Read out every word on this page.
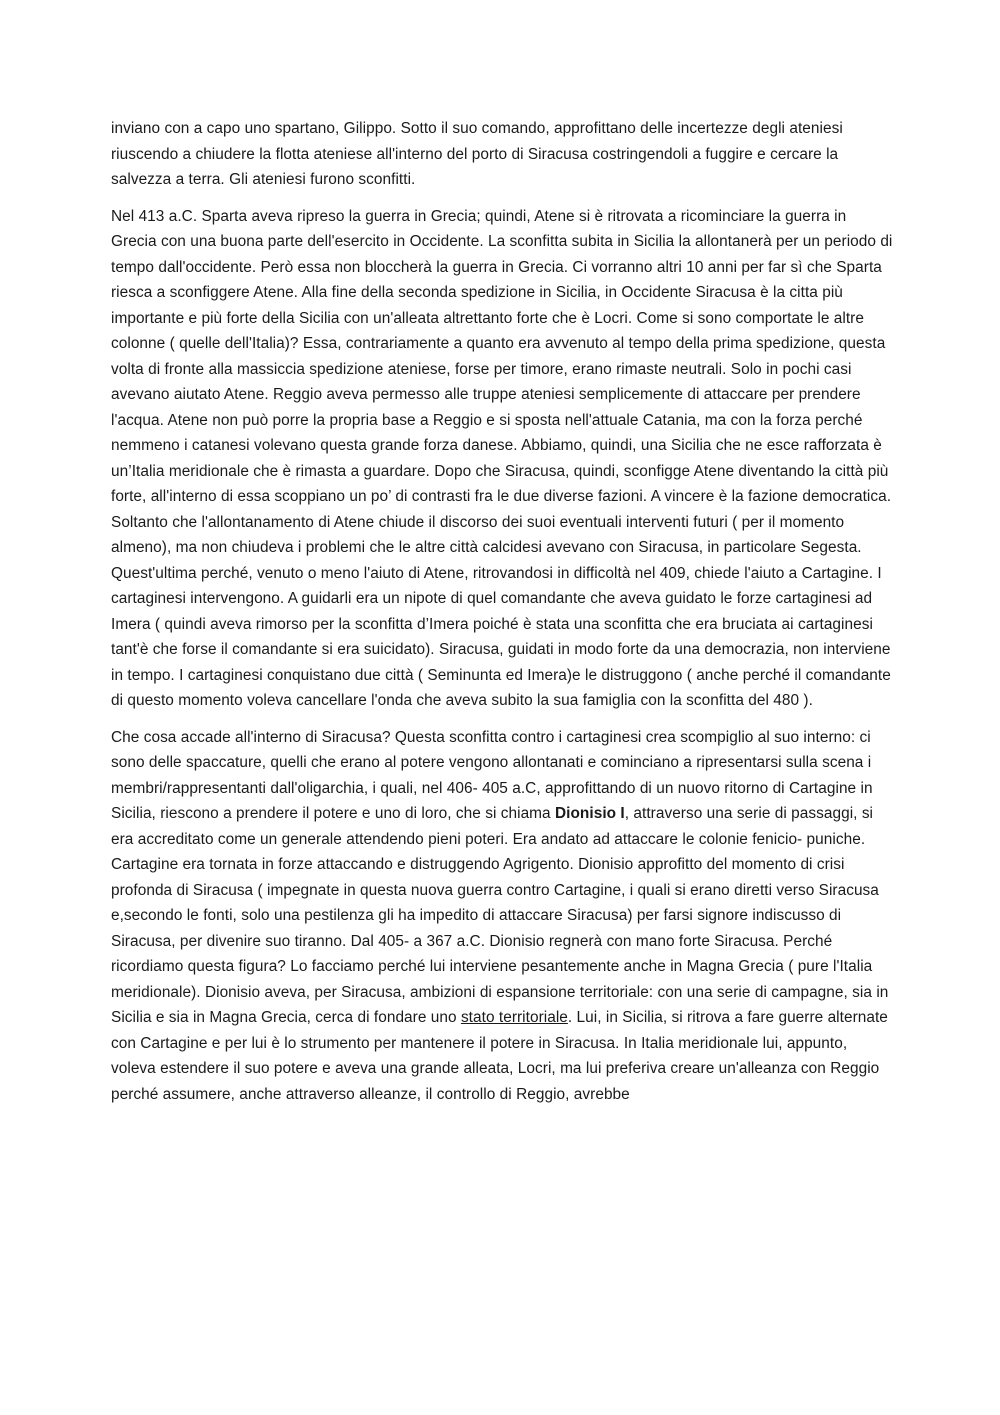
inviano con a capo uno spartano, Gilippo. Sotto il suo comando, approfittano delle incertezze degli ateniesi riuscendo a chiudere la flotta ateniese all'interno del porto di Siracusa costringendoli a fuggire e cercare la salvezza a terra. Gli ateniesi furono sconfitti.

Nel 413 a.C. Sparta aveva ripreso la guerra in Grecia; quindi, Atene si è ritrovata a ricominciare la guerra in Grecia con una buona parte dell'esercito in Occidente. La sconfitta subita in Sicilia la allontanerà per un periodo di tempo dall'occidente. Però essa non bloccherà la guerra in Grecia. Ci vorranno altri 10 anni per far sì che Sparta riesca a sconfiggere Atene. Alla fine della seconda spedizione in Sicilia, in Occidente Siracusa è la citta più importante e più forte della Sicilia con un'alleata altrettanto forte che è Locri. Come si sono comportate le altre colonne ( quelle dell'Italia)? Essa, contrariamente a quanto era avvenuto al tempo della prima spedizione, questa volta di fronte alla massiccia spedizione ateniese, forse per timore, erano rimaste neutrali. Solo in pochi casi avevano aiutato Atene. Reggio aveva permesso alle truppe ateniesi semplicemente di attaccare per prendere l'acqua. Atene non può porre la propria base a Reggio e si sposta nell'attuale Catania, ma con la forza perché nemmeno i catanesi volevano questa grande forza danese. Abbiamo, quindi, una Sicilia che ne esce rafforzata è un’Italia meridionale che è rimasta a guardare. Dopo che Siracusa, quindi, sconfigge Atene diventando la città più forte, all'interno di essa scoppiano un po’ di contrasti fra le due diverse fazioni. A vincere è la fazione democratica. Soltanto che l'allontanamento di Atene chiude il discorso dei suoi eventuali interventi futuri ( per il momento almeno), ma non chiudeva i problemi che le altre città calcidesi avevano con Siracusa, in particolare Segesta. Quest'ultima perché, venuto o meno l'aiuto di Atene, ritrovandosi in difficoltà nel 409, chiede l'aiuto a Cartagine. I cartaginesi intervengono. A guidarli era un nipote di quel comandante che aveva guidato le forze cartaginesi ad Imera ( quindi aveva rimorso per la sconfitta d’Imera poiché è stata una sconfitta che era bruciata ai cartaginesi tant'è che forse il comandante si era suicidato). Siracusa, guidati in modo forte da una democrazia, non interviene in tempo. I cartaginesi conquistano due città ( Seminunta ed Imera)e le distruggono ( anche perché il comandante di questo momento voleva cancellare l'onda che aveva subito la sua famiglia con la sconfitta del 480 ).

Che cosa accade all'interno di Siracusa? Questa sconfitta contro i cartaginesi crea scompiglio al suo interno: ci sono delle spaccature, quelli che erano al potere vengono allontanati e cominciano a ripresentarsi sulla scena i membri/rappresentanti dall'oligarchia, i quali, nel 406- 405 a.C, approfittando di un nuovo ritorno di Cartagine in Sicilia, riescono a prendere il potere e uno di loro, che si chiama Dionisio I, attraverso una serie di passaggi, si era accreditato come un generale attendendo pieni poteri. Era andato ad attaccare le colonie fenicio- puniche. Cartagine era tornata in forze attaccando e distruggendo Agrigento. Dionisio approfitto del momento di crisi profonda di Siracusa ( impegnate in questa nuova guerra contro Cartagine, i quali si erano diretti verso Siracusa e,secondo le fonti, solo una pestilenza gli ha impedito di attaccare Siracusa) per farsi signore indiscusso di Siracusa, per divenire suo tiranno. Dal 405- a 367 a.C. Dionisio regnerà con mano forte Siracusa. Perché ricordiamo questa figura? Lo facciamo perché lui interviene pesantemente anche in Magna Grecia ( pure l'Italia meridionale). Dionisio aveva, per Siracusa, ambizioni di espansione territoriale: con una serie di campagne, sia in Sicilia e sia in Magna Grecia, cerca di fondare uno stato territoriale. Lui, in Sicilia, si ritrova a fare guerre alternate con Cartagine e per lui è lo strumento per mantenere il potere in Siracusa. In Italia meridionale lui, appunto, voleva estendere il suo potere e aveva una grande alleata, Locri, ma lui preferiva creare un'alleanza con Reggio perché assumere, anche attraverso alleanze, il controllo di Reggio, avrebbe
